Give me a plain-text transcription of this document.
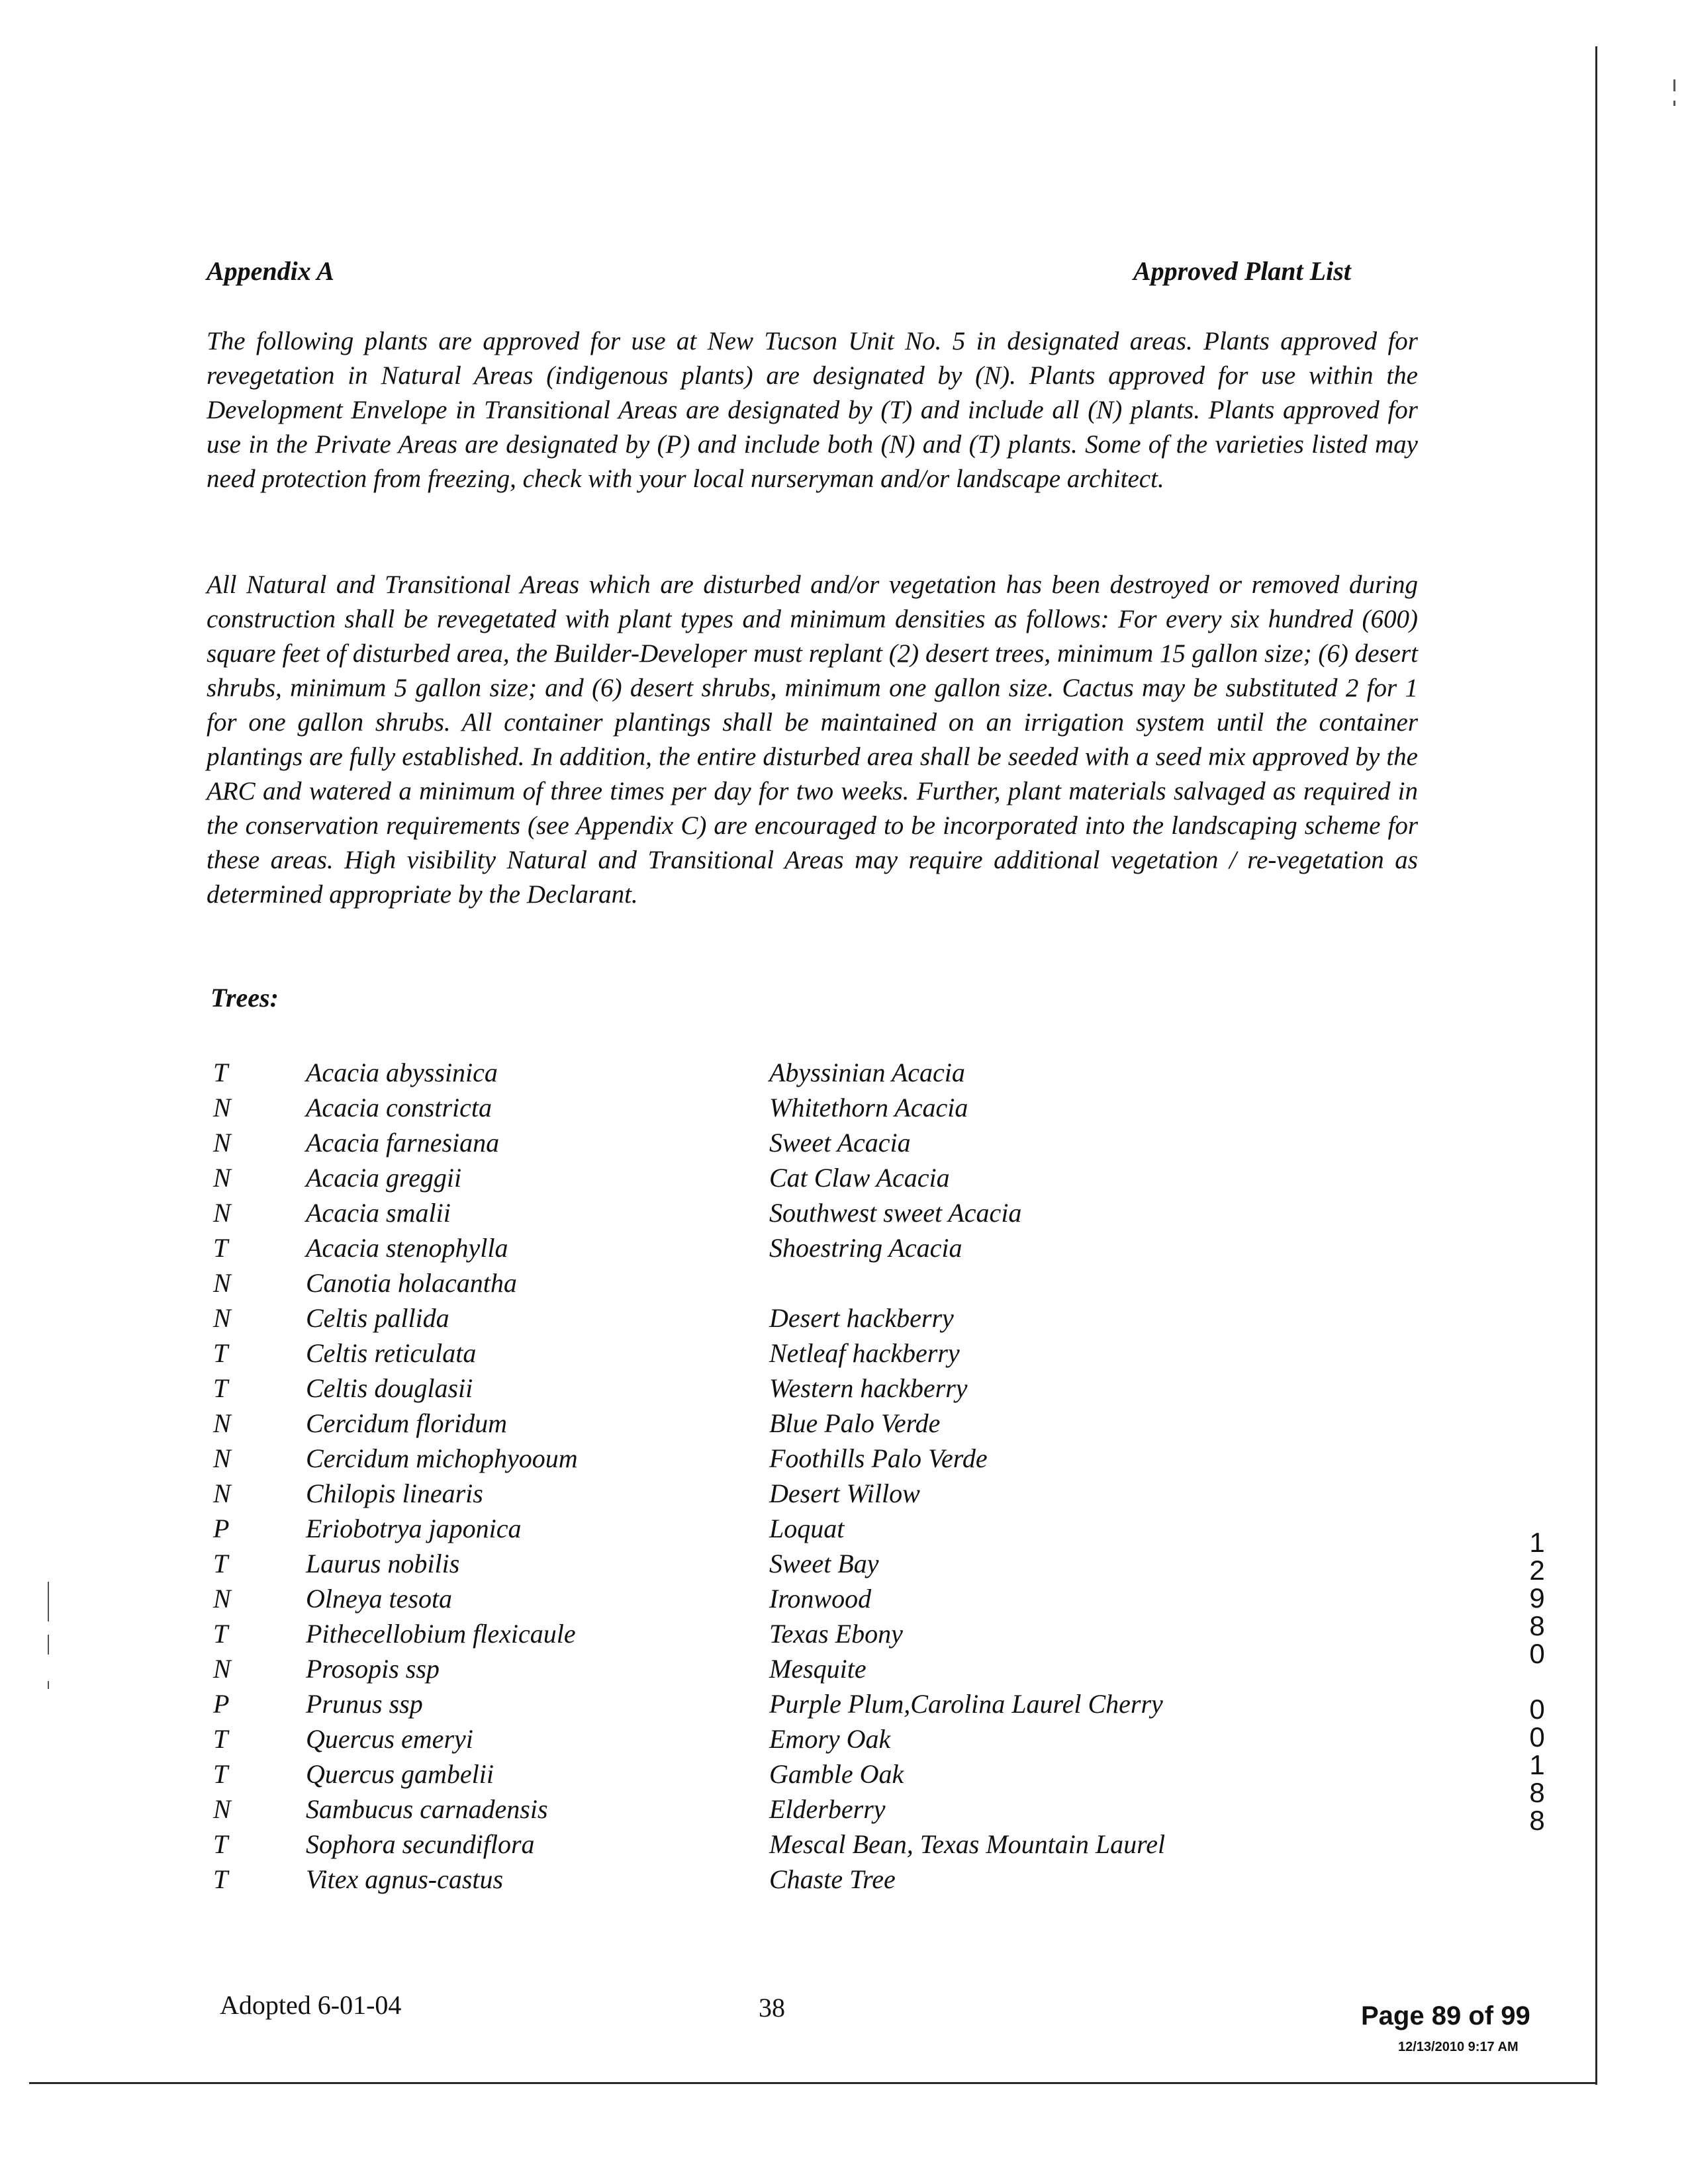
Appendix A	Approved Plant List

The following plants are approved for use at New Tucson Unit No. 5 in designated areas. Plants approved for revegetation in Natural Areas (indigenous plants) are designated by (N). Plants approved for use within the Development Envelope in Transitional Areas are designated by (T) and include all (N) plants. Plants approved for use in the Private Areas are designated by (P) and include both (N) and (T) plants. Some of the varieties listed may need protection from freezing, check with your local nurseryman and/or landscape architect.

All Natural and Transitional Areas which are disturbed and/or vegetation has been destroyed or removed during construction shall be revegetated with plant types and minimum densities as follows: For every six hundred (600) square feet of disturbed area, the Builder-Developer must replant (2) desert trees, minimum 15 gallon size; (6) desert shrubs, minimum 5 gallon size; and (6) desert shrubs, minimum one gallon size. Cactus may be substituted 2 for 1 for one gallon shrubs. All container plantings shall be maintained on an irrigation system until the container plantings are fully established. In addition, the entire disturbed area shall be seeded with a seed mix approved by the ARC and watered a minimum of three times per day for two weeks. Further, plant materials salvaged as required in the conservation requirements (see Appendix C) are encouraged to be incorporated into the landscaping scheme for these areas. High visibility Natural and Transitional Areas may require additional vegetation / re-vegetation as determined appropriate by the Declarant.

Trees:
T	Acacia abyssinica	Abyssinian Acacia
N	Acacia constricta	Whitethorn Acacia
N	Acacia farnesiana	Sweet Acacia
N	Acacia greggii	Cat Claw Acacia
N	Acacia smalii	Southwest sweet Acacia
T	Acacia stenophylla	Shoestring Acacia
N	Canotia holacantha
N	Celtis pallida	Desert hackberry
T	Celtis reticulata	Netleaf hackberry
T	Celtis douglasii	Western hackberry
N	Cercidum floridum	Blue Palo Verde
N	Cercidum michophyooum	Foothills Palo Verde
N	Chilopis linearis	Desert Willow
P	Eriobotrya japonica	Loquat
T	Laurus nobilis	Sweet Bay
N	Olneya tesota	Ironwood
T	Pithecellobium flexicaule	Texas Ebony
N	Prosopis ssp	Mesquite
P	Prunus ssp	Purple Plum,Carolina Laurel Cherry
T	Quercus emeryi	Emory Oak
T	Quercus gambelii	Gamble Oak
N	Sambucus carnadensis	Elderberry
T	Sophora secundiflora	Mescal Bean, Texas Mountain Laurel
T	Vitex agnus-castus	Chaste Tree
Adopted 6-01-04	38	Page 89 of 99
12/13/2010 9:17 AM
1
2
9
8
0
0
0
1
8
8
